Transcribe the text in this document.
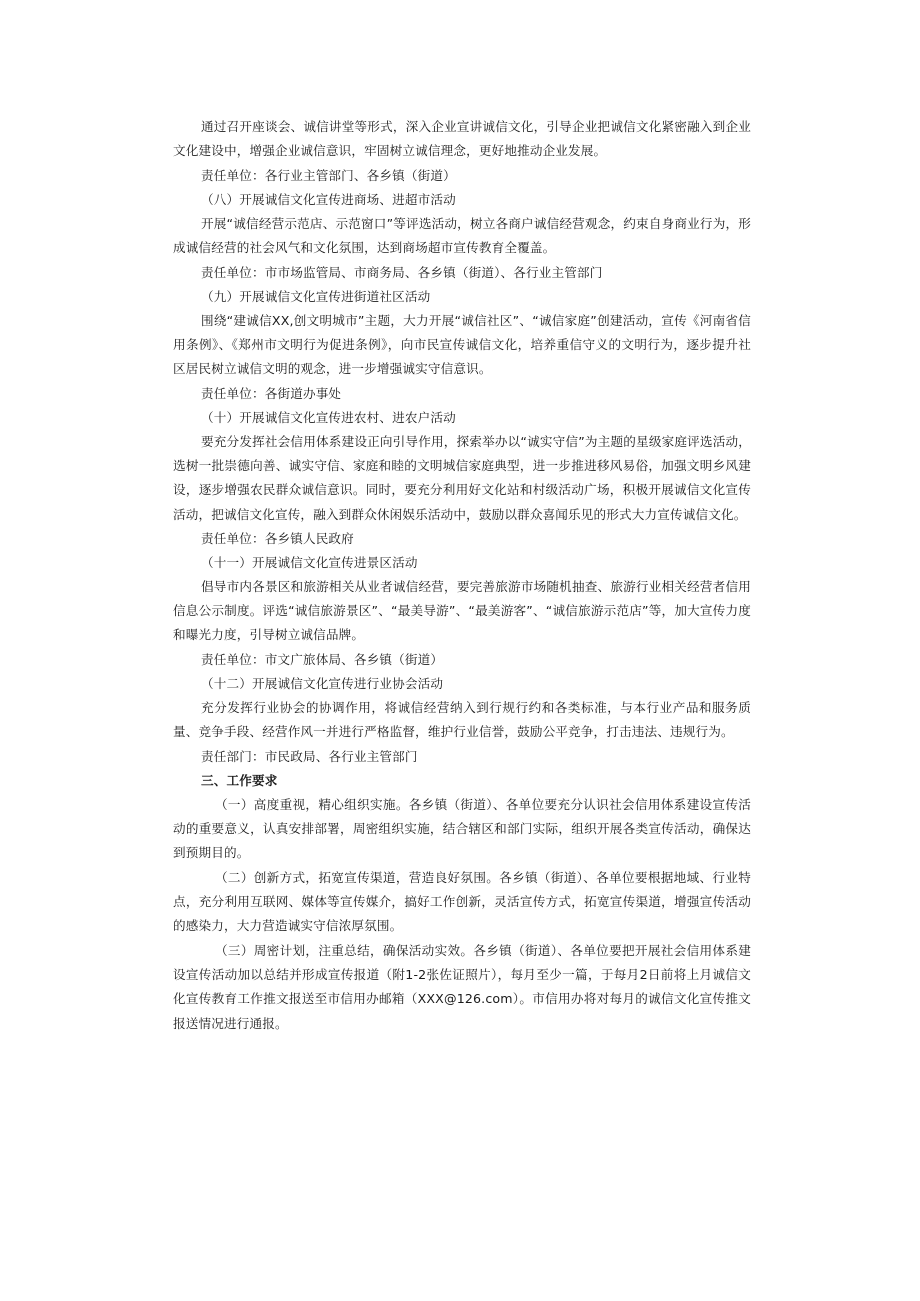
通过召开座谈会、诚信讲堂等形式，深入企业宣讲诚信文化，引导企业把诚信文化紧密融入到企业文化建设中，增强企业诚信意识，牢固树立诚信理念，更好地推动企业发展。

责任单位：各行业主管部门、各乡镇（街道）

（八）开展诚信文化宣传进商场、进超市活动

开展“诚信经营示范店、示范窗口”等评选活动，树立各商户诚信经营观念，约束自身商业行为，形成诚信经营的社会风气和文化氛围，达到商场超市宣传教育全覆盖。

责任单位：市市场监管局、市商务局、各乡镇（街道）、各行业主管部门

（九）开展诚信文化宣传进街道社区活动

围绕“建诚信XX,创文明城市”主题，大力开展“诚信社区”、“诚信家庭”创建活动，宣传《河南省信用条例》、《郑州市文明行为促进条例》，向市民宣传诚信文化，培养重信守义的文明行为，逐步提升社区居民树立诚信文明的观念，进一步增强诚实守信意识。

责任单位：各街道办事处

（十）开展诚信文化宣传进农村、进农户活动

要充分发挥社会信用体系建设正向引导作用，探索举办以“诚实守信”为主题的星级家庭评选活动，选树一批崇德向善、诚实守信、家庭和睦的文明城信家庭典型，进一步推进移风易俗，加强文明乡风建设，逐步增强农民群众诚信意识。同时，要充分利用好文化站和村级活动广场，积极开展诚信文化宣传活动，把诚信文化宣传，融入到群众休闲娱乐活动中，鼓励以群众喜闻乐见的形式大力宣传诚信文化。

责任单位：各乡镇人民政府

（十一）开展诚信文化宣传进景区活动

倡导市内各景区和旅游相关从业者诚信经营，要完善旅游市场随机抽查、旅游行业相关经营者信用信息公示制度。评选“诚信旅游景区”、“最美导游”、“最美游客”、“诚信旅游示范店”等，加大宣传力度和曝光力度，引导树立诚信品牌。

责任单位：市文广旅体局、各乡镇（街道）

（十二）开展诚信文化宣传进行业协会活动

充分发挥行业协会的协调作用，将诚信经营纳入到行规行约和各类标准，与本行业产品和服务质量、竞争手段、经营作风一并进行严格监督，维护行业信誉，鼓励公平竞争，打击违法、违规行为。

责任部门：市民政局、各行业主管部门

三、工作要求

（一）高度重视，精心组织实施。各乡镇（街道）、各单位要充分认识社会信用体系建设宣传活动的重要意义，认真安排部署，周密组织实施，结合辖区和部门实际，组织开展各类宣传活动，确保达到预期目的。

（二）创新方式，拓宽宣传渠道，营造良好氛围。各乡镇（街道）、各单位要根据地域、行业特点，充分利用互联网、媒体等宣传媒介，搞好工作创新，灵活宣传方式，拓宽宣传渠道，增强宣传活动的感染力，大力营造诚实守信浓厚氛围。

（三）周密计划，注重总结，确保活动实效。各乡镇（街道）、各单位要把开展社会信用体系建设宣传活动加以总结并形成宣传报道（附1-2张佐证照片），每月至少一篇，于每月2日前将上月诚信文化宣传教育工作推文报送至市信用办邮箱（XXX@126.com）。市信用办将对每月的诚信文化宣传推文报送情况进行通报。
